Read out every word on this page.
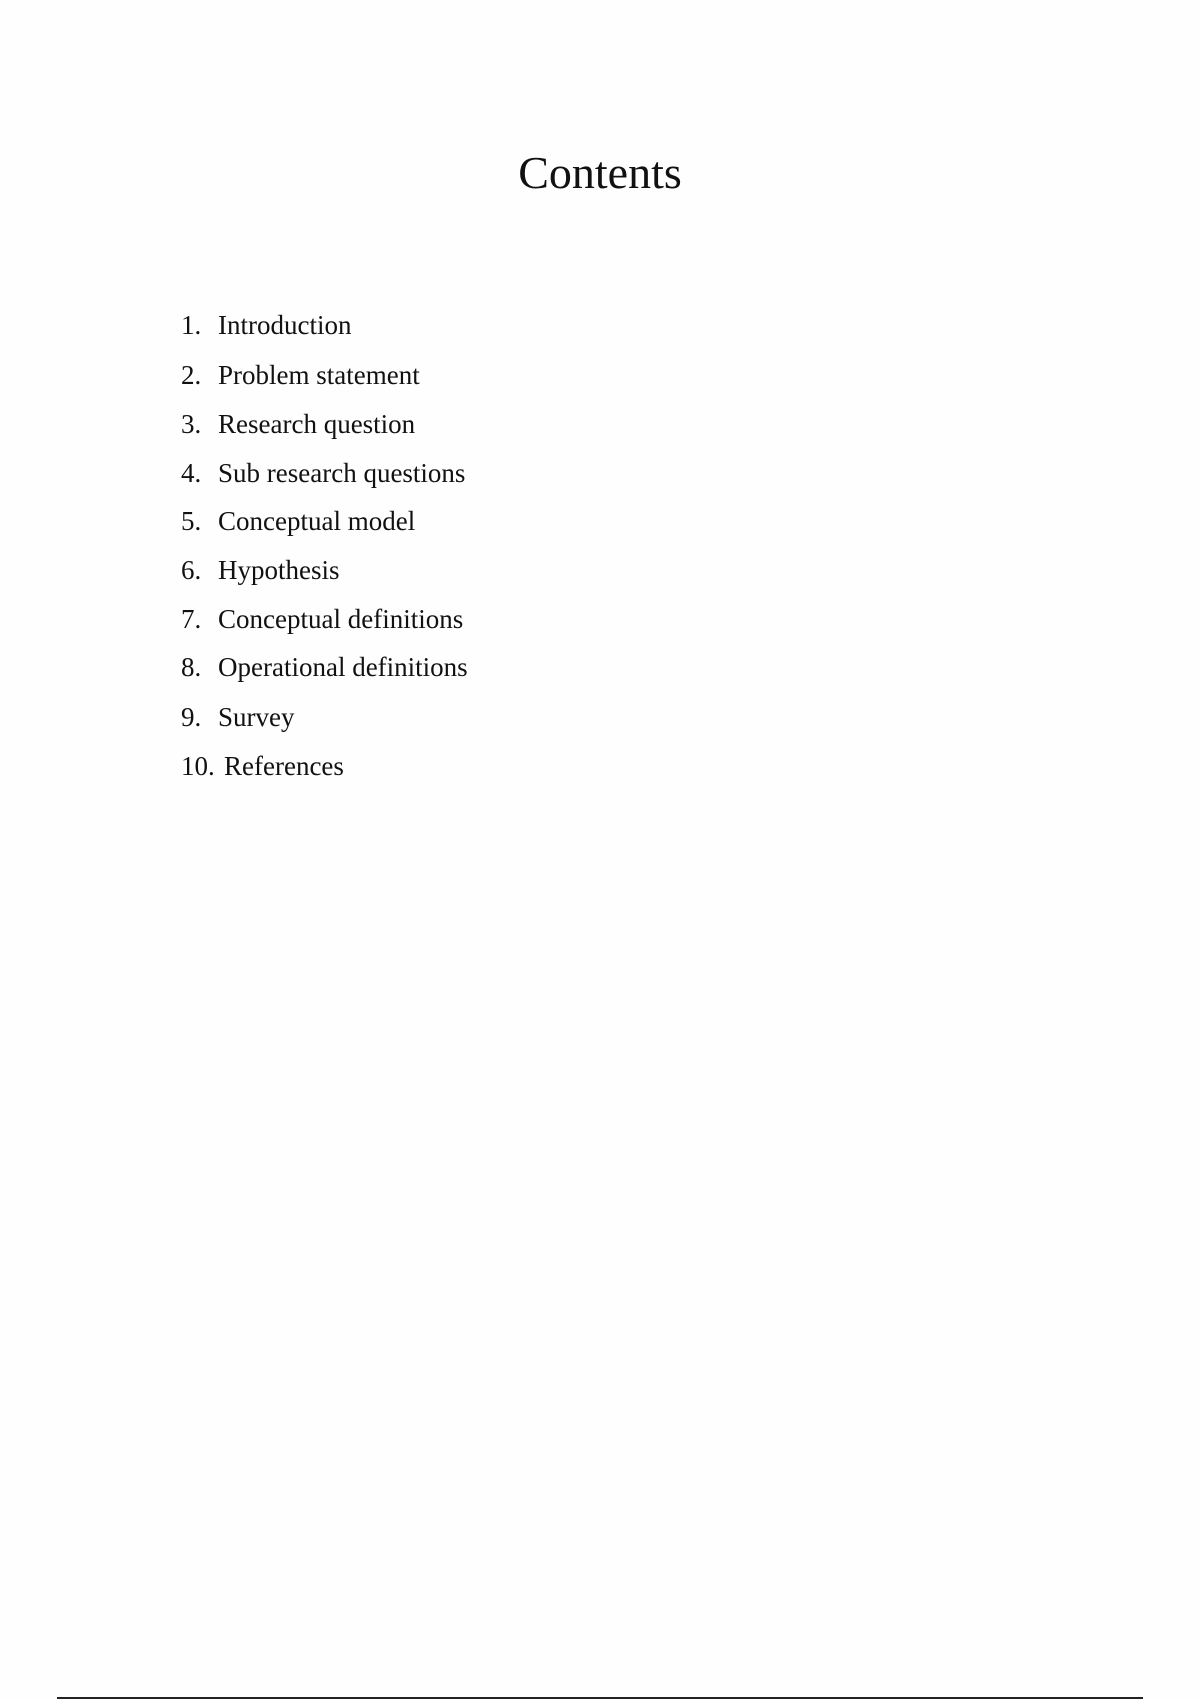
Contents
1. Introduction
2. Problem statement
3. Research question
4. Sub research questions
5. Conceptual model
6. Hypothesis
7. Conceptual definitions
8. Operational definitions
9. Survey
10. References
